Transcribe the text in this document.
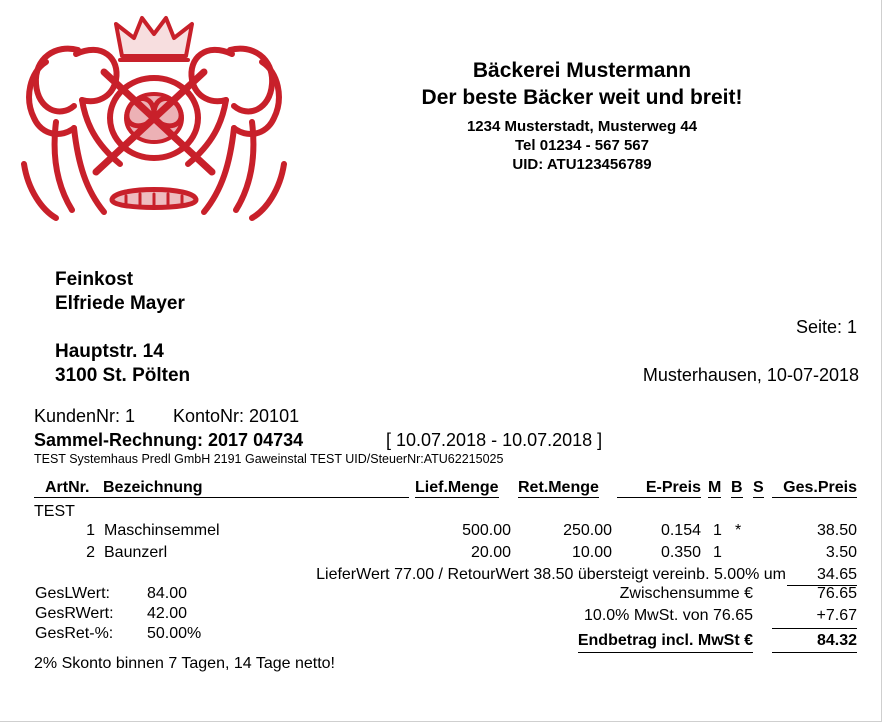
Bäckerei Mustermann
Der beste Bäcker weit und breit!
1234 Musterstadt, Musterweg 44
Tel 01234 - 567 567
UID: ATU123456789
Feinkost
Elfriede Mayer
Hauptstr. 14
3100 St. Pölten
Seite: 1
Musterhausen, 10-07-2018
KundenNr: 1 KontoNr: 20101
Sammel-Rechnung: 2017 04734	[ 10.07.2018 - 10.07.2018 ]
TEST Systemhaus Predl GmbH 2191 Gaweinstal TEST UID/SteuerNr:ATU62215025
ArtNr. Bezeichnung	Lief.Menge Ret.Menge	E-Preis M B S	Ges.Preis
TEST
1 Maschinsemmel	500.00	250.00	0.154 1 *	38.50
2 Baunzerl	20.00	10.00	0.350 1	3.50
LieferWert 77.00 / RetourWert 38.50 übersteigt vereinb. 5.00% um 34.65
GesLWert: 84.00
GesRWert: 42.00
GesRet-%: 50.00%
Zwischensumme €	76.65
10.0% MwSt. von 76.65	+7.67
Endbetrag incl. MwSt €	84.32
2% Skonto binnen 7 Tagen, 14 Tage netto!
